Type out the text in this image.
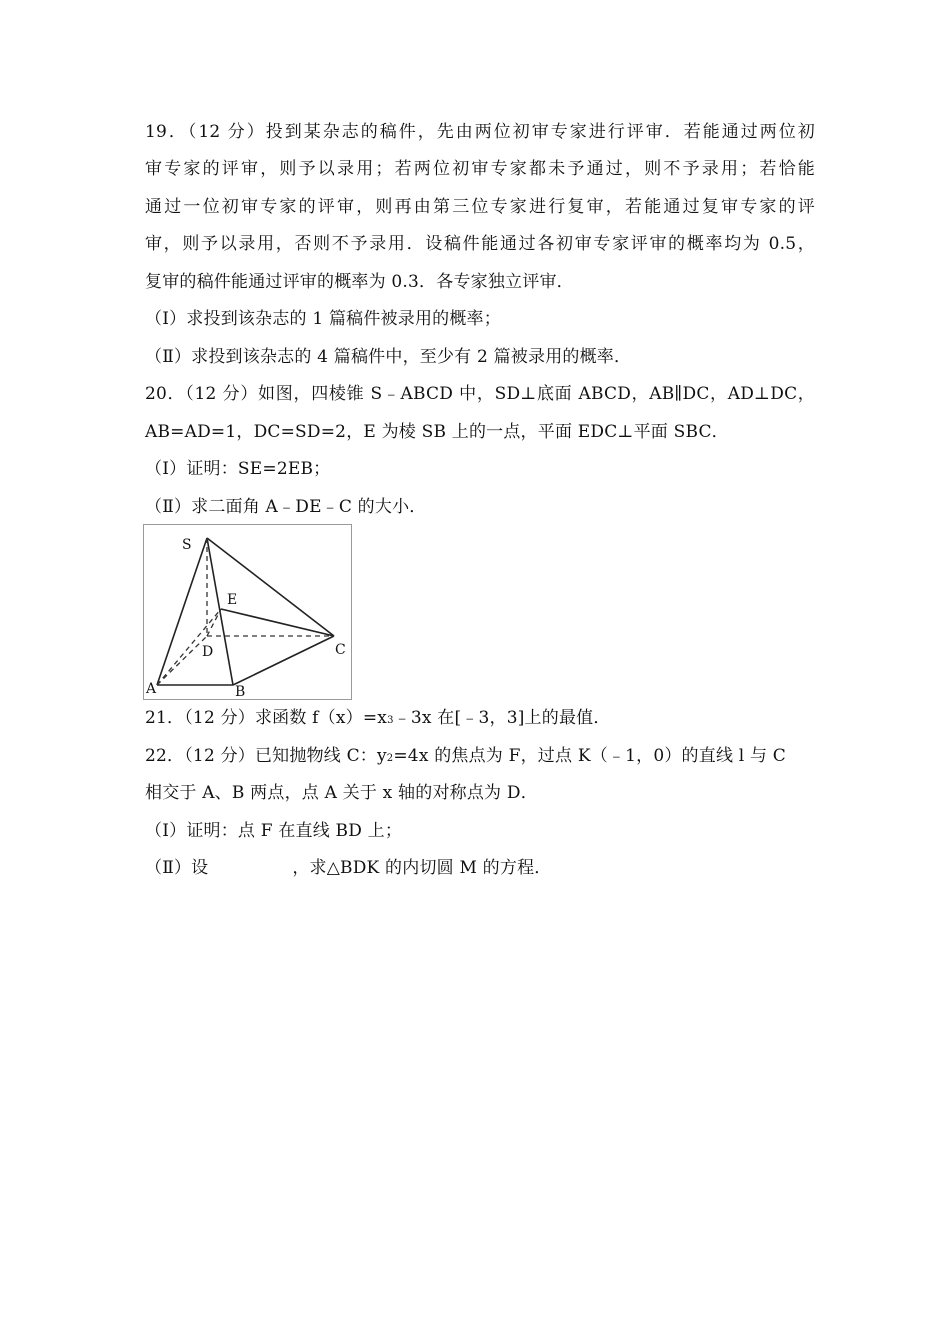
19．（12 分）投到某杂志的稿件，先由两位初审专家进行评审．若能通过两位初
审专家的评审，则予以录用；若两位初审专家都未予通过，则不予录用；若恰能
通过一位初审专家的评审，则再由第三位专家进行复审，若能通过复审专家的评
审，则予以录用，否则不予录用．设稿件能通过各初审专家评审的概率均为 0.5，
复审的稿件能通过评审的概率为 0.3．各专家独立评审．
（Ⅰ）求投到该杂志的 1 篇稿件被录用的概率；
（Ⅱ）求投到该杂志的 4 篇稿件中，至少有 2 篇被录用的概率．
20．（12 分）如图，四棱锥 S﹣ABCD 中，SD⊥底面 ABCD，AB∥DC，AD⊥DC，
AB=AD=1，DC=SD=2，E 为棱 SB 上的一点，平面 EDC⊥平面 SBC．
（Ⅰ）证明：SE=2EB；
（Ⅱ）求二面角 A﹣DE﹣C 的大小．
S
E
D	C
A	B
21．（12 分）求函数 f（x）=x3﹣3x 在[﹣3，3]上的最值．
22．（12 分）已知抛物线 C：y2=4x 的焦点为 F，过点 K（﹣1，0）的直线 l 与 C
相交于 A、B 两点，点 A 关于 x 轴的对称点为 D．
（Ⅰ）证明：点 F 在直线 BD 上；
（Ⅱ）设	，求△BDK 的内切圆 M 的方程．
